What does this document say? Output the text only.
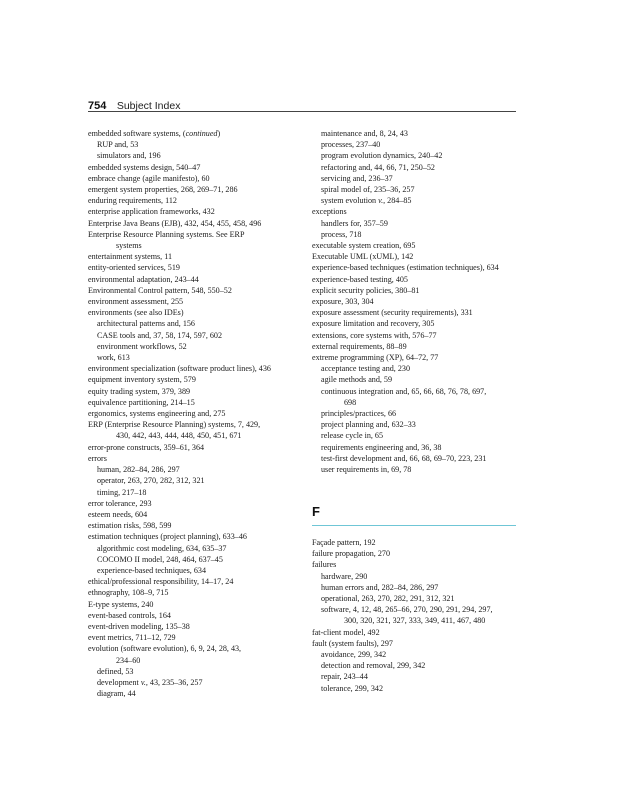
754 Subject Index
embedded software systems, (continued)
RUP and, 53
simulators and, 196
embedded systems design, 540–47
embrace change (agile manifesto), 60
emergent system properties, 268, 269–71, 286
enduring requirements, 112
enterprise application frameworks, 432
Enterprise Java Beans (EJB), 432, 454, 455, 458, 496
Enterprise Resource Planning systems. See ERP
systems
entertainment systems, 11
entity-oriented services, 519
environmental adaptation, 243–44
Environmental Control pattern, 548, 550–52
environment assessment, 255
environments (see also IDEs)
architectural patterns and, 156
CASE tools and, 37, 58, 174, 597, 602
environment workflows, 52
work, 613
environment specialization (software product lines), 436
equipment inventory system, 579
equity trading system, 379, 389
equivalence partitioning, 214–15
ergonomics, systems engineering and, 275
ERP (Enterprise Resource Planning) systems, 7, 429,
430, 442, 443, 444, 448, 450, 451, 671
error-prone constructs, 359–61, 364
errors
human, 282–84, 286, 297
operator, 263, 270, 282, 312, 321
timing, 217–18
error tolerance, 293
esteem needs, 604
estimation risks, 598, 599
estimation techniques (project planning), 633–46
algorithmic cost modeling, 634, 635–37
COCOMO II model, 248, 464, 637–45
experience-based techniques, 634
ethical/professional responsibility, 14–17, 24
ethnography, 108–9, 715
E-type systems, 240
event-based controls, 164
event-driven modeling, 135–38
event metrics, 711–12, 729
evolution (software evolution), 6, 9, 24, 28, 43,
234–60
defined, 53
development v., 43, 235–36, 257
diagram, 44
maintenance and, 8, 24, 43
processes, 237–40
program evolution dynamics, 240–42
refactoring and, 44, 66, 71, 250–52
servicing and, 236–37
spiral model of, 235–36, 257
system evolution v., 284–85
exceptions
handlers for, 357–59
process, 718
executable system creation, 695
Executable UML (xUML), 142
experience-based techniques (estimation techniques), 634
experience-based testing, 405
explicit security policies, 380–81
exposure, 303, 304
exposure assessment (security requirements), 331
exposure limitation and recovery, 305
extensions, core systems with, 576–77
external requirements, 88–89
extreme programming (XP), 64–72, 77
acceptance testing and, 230
agile methods and, 59
continuous integration and, 65, 66, 68, 76, 78, 697,
698
principles/practices, 66
project planning and, 632–33
release cycle in, 65
requirements engineering and, 36, 38
test-first development and, 66, 68, 69–70, 223, 231
user requirements in, 69, 78
F
Façade pattern, 192
failure propagation, 270
failures
hardware, 290
human errors and, 282–84, 286, 297
operational, 263, 270, 282, 291, 312, 321
software, 4, 12, 48, 265–66, 270, 290, 291, 294, 297,
300, 320, 321, 327, 333, 349, 411, 467, 480
fat-client model, 492
fault (system faults), 297
avoidance, 299, 342
detection and removal, 299, 342
repair, 243–44
tolerance, 299, 342
